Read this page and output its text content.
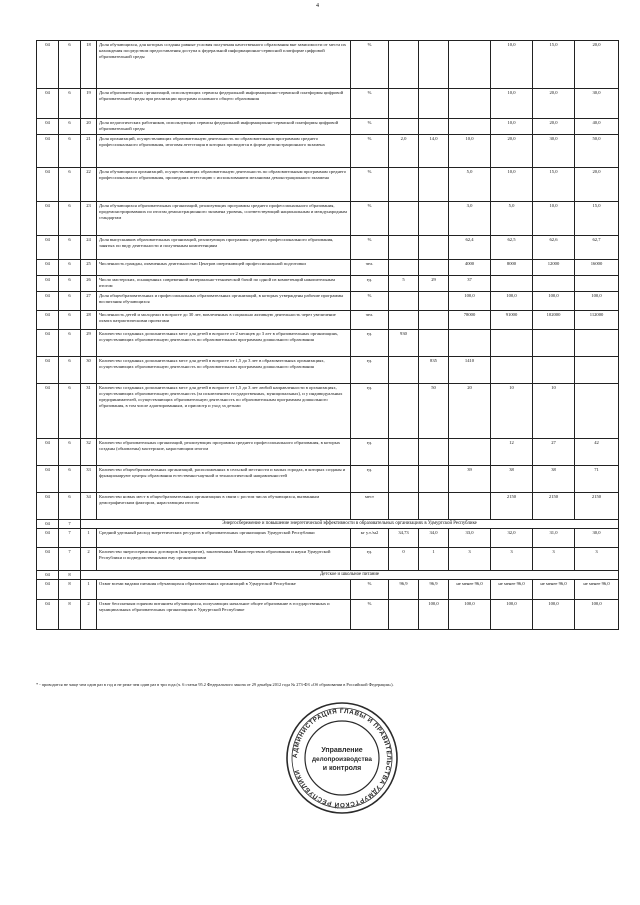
4
04	6	18	Доля обучающихся, для которых созданы равные условия получения качественного образования вне зависимости от места их нахождения посредством предоставления доступа к федеральной информационно-сервисной платформе цифровой образовательной среды	%				10,0	15,0	20,0
04	6	19	Доля образовательных организаций, использующих сервисы федеральной информационно-сервисной платформы цифровой образовательной среды при реализации программ основного общего образования	%				10,0	20,0	30,0
04	6	20	Доля педагогических работников, использующих сервисы федеральной информационно-сервисной платформы цифровой образовательной среды	%				10,0	20,0	40,0
04	6	21	Доля организаций, осуществляющих образовательную деятельность по образовательным программам среднего профессионального образования, итоговая аттестация в которых проводится в форме демонстрационного экзамена	%	2,0	14,0	10,0	20,0	30,0	50,0
04	6	22	Доля обучающихся организаций, осуществляющих образовательную деятельность по образовательным программам среднего профессионального образования, прошедших аттестацию с использованием механизма демонстрационного экзамена	%			5,0	10,0	15,0	20,0
04	6	23	Доля обучающихся образовательных организаций, реализующих программы среднего профессионального образования, продемонстрировавших по итогам демонстрационного экзамена уровень, соответствующий национальным и международным стандартам	%			3,0	5,0	10,0	15,0
04	6	24	Доля выпускников образовательных организаций, реализующих программы среднего профессионального образования, занятых по виду деятельности и полученным компетенциям	%			62,4	62,5	62,6	62,7
04	6	25	Численность граждан, охваченных деятельностью Центров опережающей профессиональной подготовки	чел.			4000	8000	12000	16000
04	6	26	Число мастерских, оснащенных современной материально-технической базой по одной из компетенций накопительным итогом	ед.	5	29	37			
04	6	27	Доля общеобразовательных и профессиональных образовательных организаций, в которых утверждены рабочие программы воспитания обучающихся	%			100,0	100,0	100,0	100,0
04	6	28	Численность детей и молодежи в возрасте до 30 лет, вовлеченных в социально активную деятельность через увеличение охвата патриотическими проектами	чел.			78000	91000	102000	112000
04	6	29	Количество созданных дополнительных мест для детей в возрасте от 2 месяцев до 3 лет в образовательных организациях, осуществляющих образовательную деятельность по образовательным программам дошкольного образования	ед.	930					
04	6	30	Количество созданных дополнительных мест для детей в возрасте от 1,5 до 3 лет в образовательных организациях, осуществляющих образовательную деятельность по образовательным программам дошкольного образования	ед.		835	1410			
04	6	31	Количество созданных дополнительных мест для детей в возрасте от 1,5 до 3 лет любой направленности в организациях, осуществляющих образовательную деятельность (за исключением государственных, муниципальных), и у индивидуальных предпринимателей, осуществляющих образовательную деятельность по образовательным программам дошкольного образования, в том числе адаптированным, и присмотр и уход за детьми	ед.		50	20	10	10	
04	6	32	Количество образовательных организаций, реализующих программы среднего профессионального образования, в которых созданы (обновлены) мастерские, нарастающим итогом	ед.				12	27	42
04	6	33	Количество общеобразовательных организаций, расположенных в сельской местности и малых городах, в которых созданы и функционируют центры образования естественно-научной и технологической направленностей	ед.			39	38	38	71
04	6	34	Количество новых мест в общеобразовательных организациях в связи с ростом числа обучающихся, вызванным демографическим фактором, нарастающим итогом	мест				2150	2150	2150
04	7	Энергосбережение и повышение энергетической эффективности в образовательных организациях в Удмуртской Республике								
04	7	1	Средний удельный расход энергетических ресурсов в образовательных организациях Удмуртской Республики	кг у.т./м2	34,73	34,0	33,0	32,0	31,0	30,0
04	7	2	Количество энергосервисных договоров (контрактов), заключенных Министерством образования и науки Удмуртской Республики и подведомственными ему организациями	ед.	0	1	3	3	3	3
04	8	Детское и школьное питание								
04	8	1	Охват всеми видами питания обучающихся образовательных организаций в Удмуртской Республике	%	96,9	96,9	не менее 96,0	не менее 96,0	не менее 96,0	не менее 96,0
04	8	2	Охват бесплатным горячим питанием обучающихся, получающих начальное общее образование в государственных и муниципальных образовательных организациях в Удмуртской Республике	%		100,0	100,0	100,0	100,0	100,0
* - проводится не чаще чем один раз в год и не реже чем один раз в три года (ч. 6 статьи 95.2 Федерального закона от 29 декабря 2012 года № 273-ФЗ «Об образовании в Российской Федерации»).
АДМИНИСТРАЦИЯ ГЛАВЫ И ПРАВИТЕЛЬСТВА УДМУРТСКОЙ РЕСПУБЛИКИ
Управление
делопроизводства
и контроля
